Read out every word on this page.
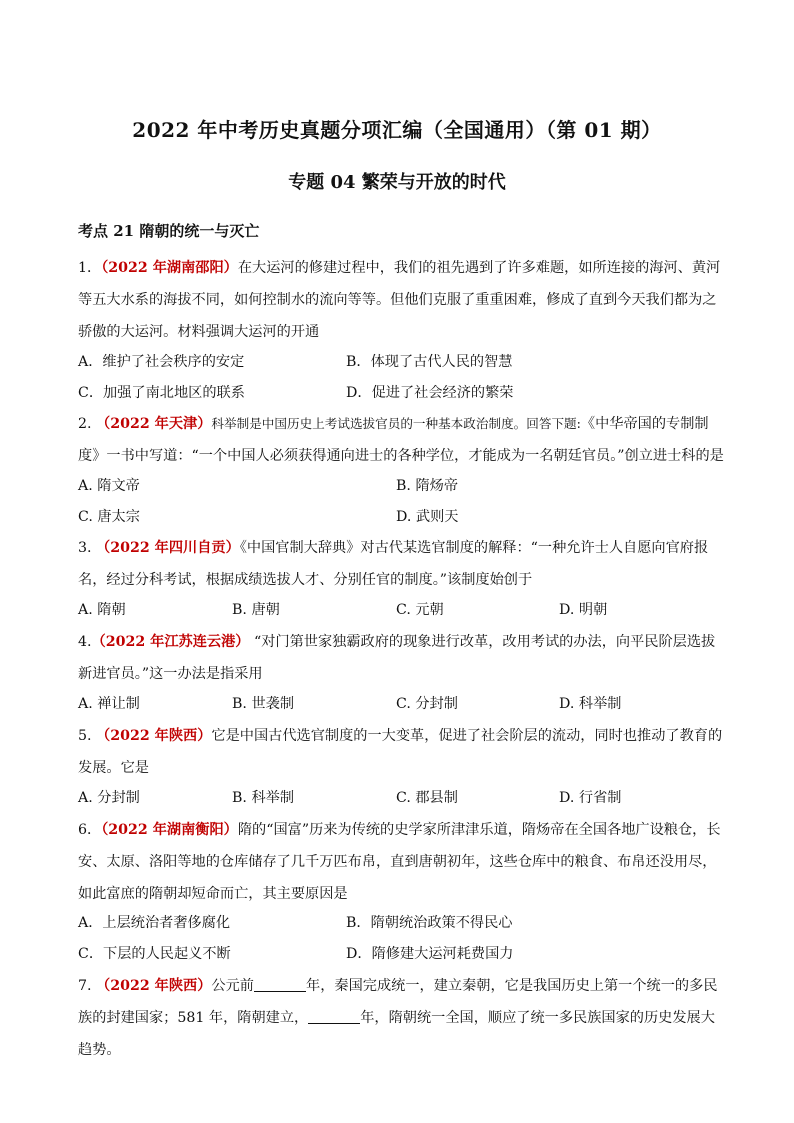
2022 年中考历史真题分项汇编（全国通用）（第 01 期）
专题 04 繁荣与开放的时代
考点 21 隋朝的统一与灭亡
1．（2022 年湖南邵阳）在大运河的修建过程中，我们的祖先遇到了许多难题，如所连接的海河、黄河等五大水系的海拔不同，如何控制水的流向等等。但他们克服了重重困难，修成了直到今天我们都为之骄傲的大运河。材料强调大运河的开通
A．维护了社会秩序的安定	B．体现了古代人民的智慧
C．加强了南北地区的联系	D．促进了社会经济的繁荣
2. （2022 年天津）科举制是中国历史上考试选拔官员的一种基本政治制度。回答下题:《中华帝国的专制制度》一书中写道：“一个中国人必须获得通向进士的各种学位，才能成为一名朝廷官员。”创立进士科的是
A. 隋文帝	B. 隋炀帝
C. 唐太宗	D. 武则天
3. （2022 年四川自贡）《中国官制大辞典》对古代某选官制度的解释：“一种允许士人自愿向官府报名，经过分科考试，根据成绩选拔人才、分别任官的制度。”该制度始创于
A. 隋朝	B. 唐朝	C. 元朝	D. 明朝
4.（2022 年江苏连云港） “对门第世家独霸政府的现象进行改革，改用考试的办法，向平民阶层选拔新进官员。”这一办法是指采用
A. 禅让制	B. 世袭制	C. 分封制	D. 科举制
5. （2022 年陕西）它是中国古代选官制度的一大变革，促进了社会阶层的流动，同时也推动了教育的发展。它是
A. 分封制	B. 科举制	C. 郡县制	D. 行省制
6．（2022 年湖南衡阳）隋的“国富”历来为传统的史学家所津津乐道，隋炀帝在全国各地广设粮仓，长安、太原、洛阳等地的仓库储存了几千万匹布帛，直到唐朝初年，这些仓库中的粮食、布帛还没用尽，如此富庶的隋朝却短命而亡，其主要原因是
A．上层统治者奢侈腐化	B．隋朝统治政策不得民心
C．下层的人民起义不断	D．隋修建大运河耗费国力
7. （2022 年陕西）公元前	年，秦国完成统一，建立秦朝，它是我国历史上第一个统一的多民族的封建国家；581 年，隋朝建立，	年，隋朝统一全国，顺应了统一多民族国家的历史发展大趋势。
